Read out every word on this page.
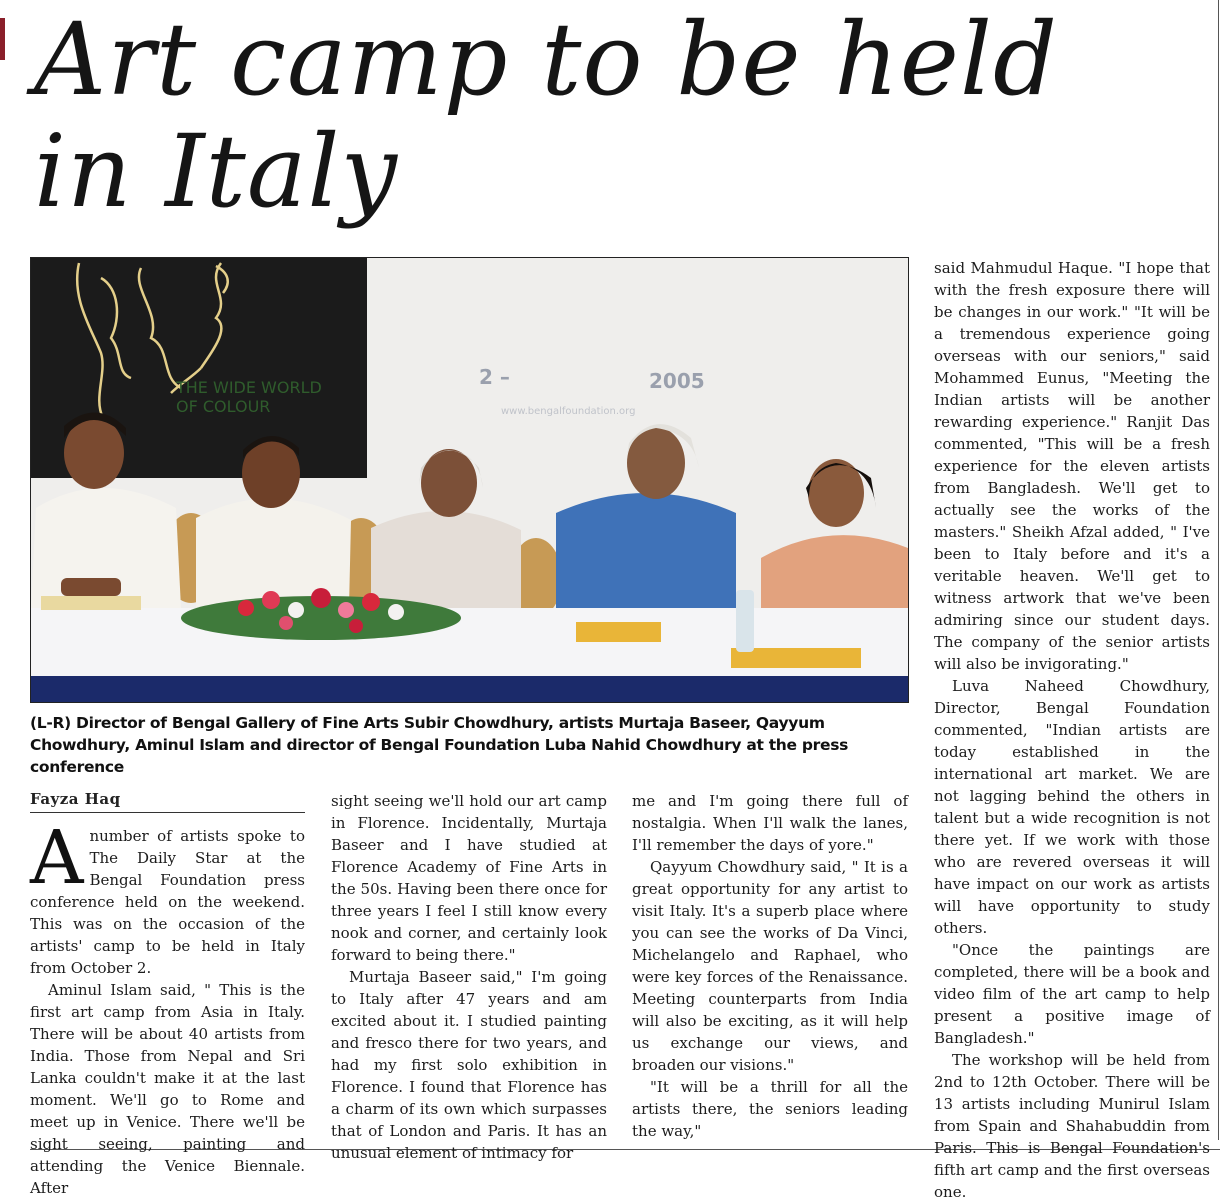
Art camp to be held in Italy
THE WIDE WORLD
OF COLOUR
2 –	2005
www.bengalfoundation.org

(L-R) Director of Bengal Gallery of Fine Arts Subir Chowdhury, artists Murtaja Baseer, Qayyum Chowdhury, Aminul Islam and director of Bengal Foundation Luba Nahid Chowdhury at the press conference

Fayza Haq

A number of artists spoke to The Daily Star at the Bengal Foundation press conference held on the weekend. This was on the occasion of the artists' camp to be held in Italy from October 2.

Aminul Islam said, " This is the first art camp from Asia in Italy. There will be about 40 artists from India. Those from Nepal and Sri Lanka couldn't make it at the last moment. We'll go to Rome and meet up in Venice. There we'll be sight seeing, painting and attending the Venice Biennale. After

sight seeing we'll hold our art camp in Florence. Incidentally, Murtaja Baseer and I have studied at Florence Academy of Fine Arts in the 50s. Having been there once for three years I feel I still know every nook and corner, and certainly look forward to being there."

Murtaja Baseer said," I'm going to Italy after 47 years and am excited about it. I studied painting and fresco there for two years, and had my first solo exhibition in Florence. I found that Florence has a charm of its own which surpasses that of London and Paris. It has an unusual element of intimacy for

me and I'm going there full of nostalgia. When I'll walk the lanes, I'll remember the days of yore."

Qayyum Chowdhury said, " It is a great opportunity for any artist to visit Italy. It's a superb place where you can see the works of Da Vinci, Michelangelo and Raphael, who were key forces of the Renaissance. Meeting counterparts from India will also be exciting, as it will help us exchange our views, and broaden our visions."

"It will be a thrill for all the artists there, the seniors leading the way,"

said Mahmudul Haque. "I hope that with the fresh exposure there will be changes in our work." "It will be a tremendous experience going overseas with our seniors," said Mohammed Eunus, "Meeting the Indian artists will be another rewarding experience." Ranjit Das commented, "This will be a fresh experience for the eleven artists from Bangladesh. We'll get to actually see the works of the masters." Sheikh Afzal added, " I've been to Italy before and it's a veritable heaven. We'll get to witness artwork that we've been admiring since our student days. The company of the senior artists will also be invigorating."

Luva Naheed Chowdhury, Director, Bengal Foundation commented, "Indian artists are today established in the international art market. We are not lagging behind the others in talent but a wide recognition is not there yet. If we work with those who are revered overseas it will have impact on our work as artists will have opportunity to study others.

"Once the paintings are completed, there will be a book and video film of the art camp to help present a positive image of Bangladesh."

The workshop will be held from 2nd to 12th October. There will be 13 artists including Munirul Islam from Spain and Shahabuddin from Paris. This is Bengal Foundation's fifth art camp and the first overseas one.
